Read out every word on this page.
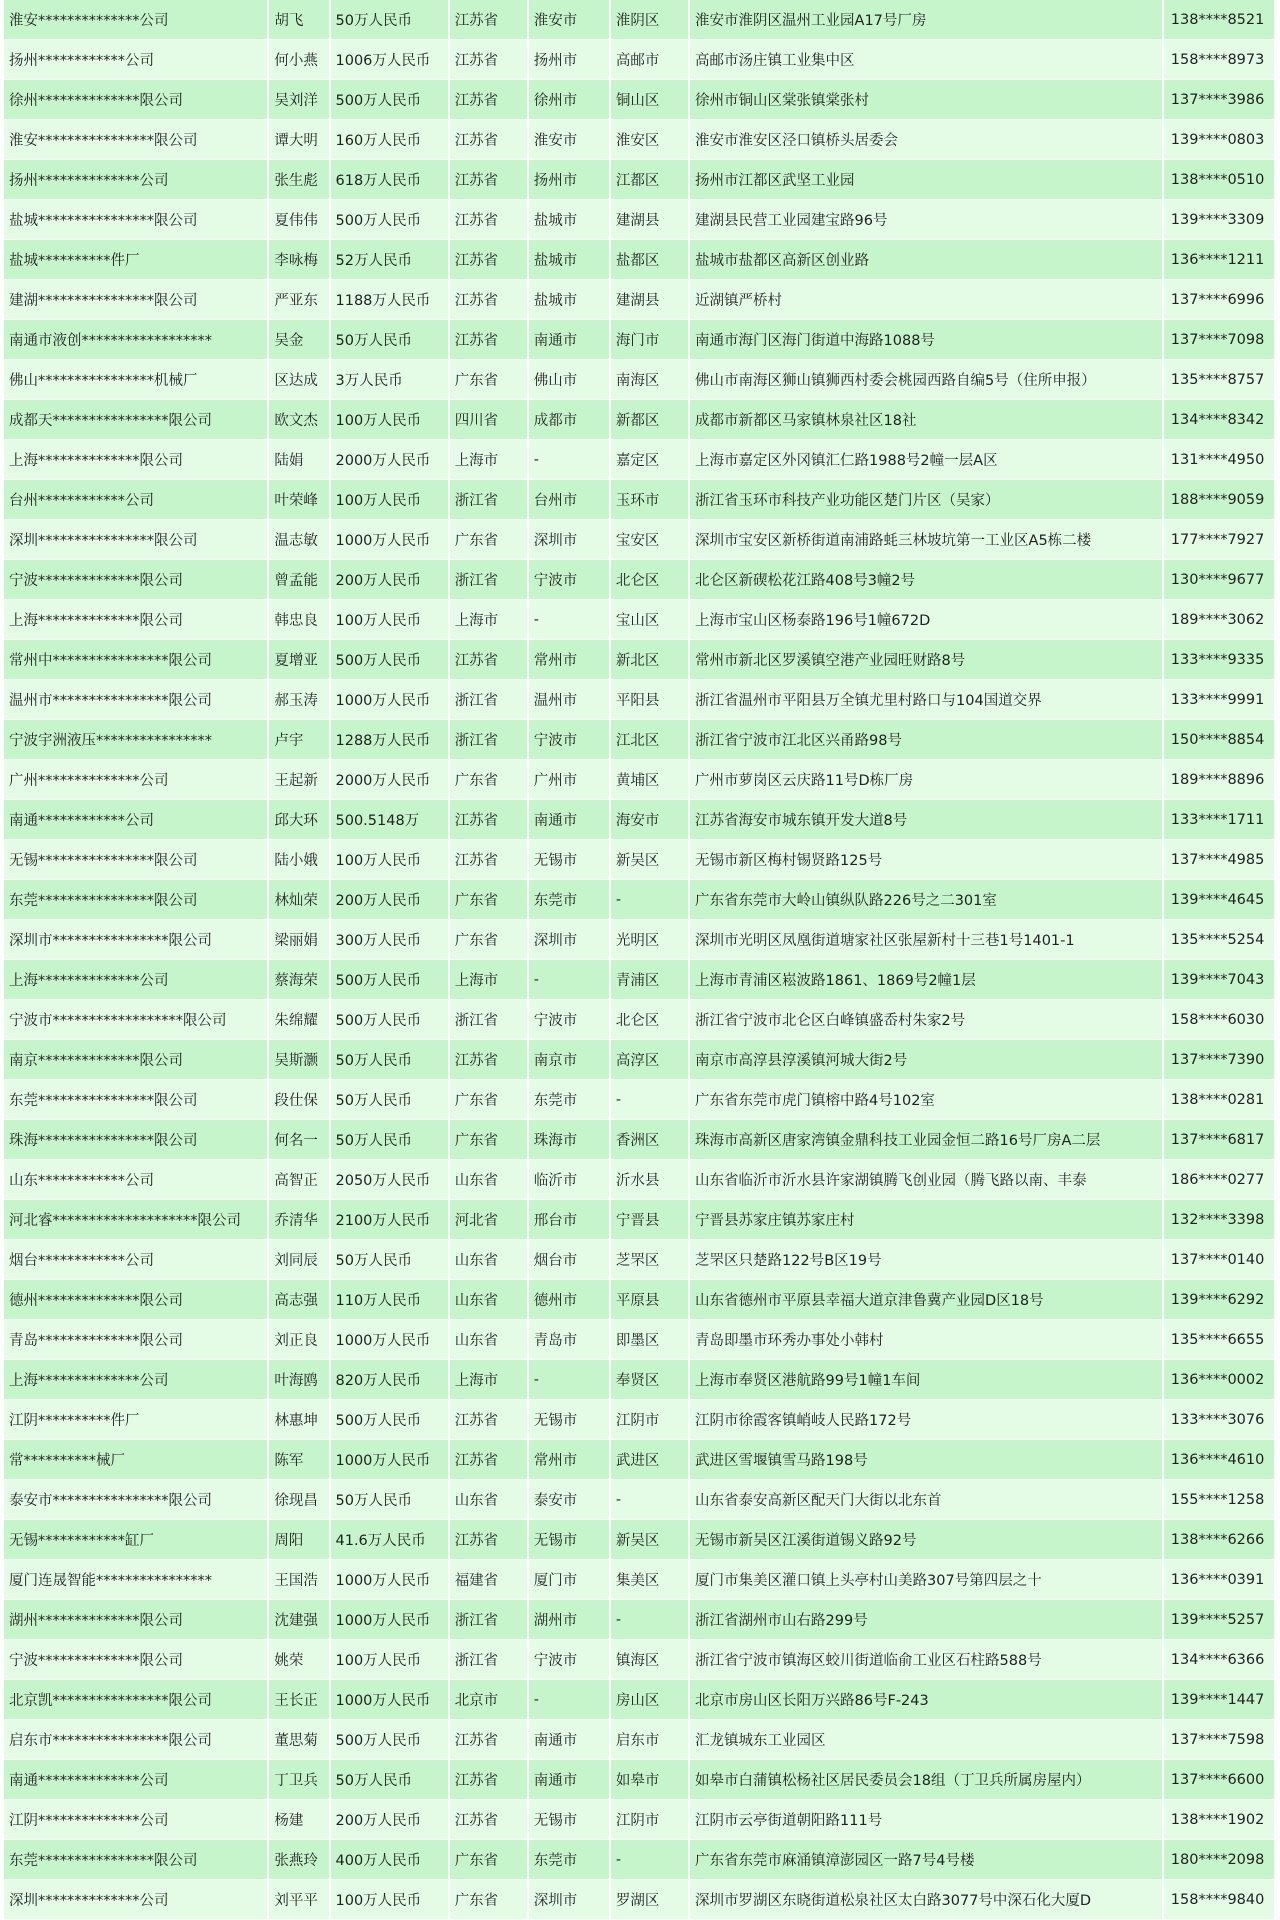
淮安**************公司	胡飞	50万人民币	江苏省	淮安市	淮阴区	淮安市淮阴区温州工业园A17号厂房	138****8521
扬州************公司	何小燕	1006万人民币	江苏省	扬州市	高邮市	高邮市汤庄镇工业集中区	158****8973
徐州**************限公司	吴刘洋	500万人民币	江苏省	徐州市	铜山区	徐州市铜山区棠张镇棠张村	137****3986
淮安****************限公司	谭大明	160万人民币	江苏省	淮安市	淮安区	淮安市淮安区泾口镇桥头居委会	139****0803
扬州**************公司	张生彪	618万人民币	江苏省	扬州市	江都区	扬州市江都区武坚工业园	138****0510
盐城****************限公司	夏伟伟	500万人民币	江苏省	盐城市	建湖县	建湖县民营工业园建宝路96号	139****3309
盐城**********件厂	李咏梅	52万人民币	江苏省	盐城市	盐都区	盐城市盐都区高新区创业路	136****1211
建湖****************限公司	严亚东	1188万人民币	江苏省	盐城市	建湖县	近湖镇严桥村	137****6996
南通市液创******************	吴金	50万人民币	江苏省	南通市	海门市	南通市海门区海门街道中海路1088号	137****7098
佛山****************机械厂	区达成	3万人民币	广东省	佛山市	南海区	佛山市南海区狮山镇狮西村委会桃园西路自编5号（住所申报）	135****8757
成都天****************限公司	欧文杰	100万人民币	四川省	成都市	新都区	成都市新都区马家镇林泉社区18社	134****8342
上海**************限公司	陆娟	2000万人民币	上海市	-	嘉定区	上海市嘉定区外冈镇汇仁路1988号2幢一层A区	131****4950
台州************公司	叶荣峰	100万人民币	浙江省	台州市	玉环市	浙江省玉环市科技产业功能区楚门片区（吴家）	188****9059
深圳****************限公司	温志敏	1000万人民币	广东省	深圳市	宝安区	深圳市宝安区新桥街道南浦路蚝三林坡坑第一工业区A5栋二楼	177****7927
宁波**************限公司	曾孟能	200万人民币	浙江省	宁波市	北仑区	北仑区新碶松花江路408号3幢2号	130****9677
上海**************限公司	韩忠良	100万人民币	上海市	-	宝山区	上海市宝山区杨泰路196号1幢672D	189****3062
常州中****************限公司	夏增亚	500万人民币	江苏省	常州市	新北区	常州市新北区罗溪镇空港产业园旺财路8号	133****9335
温州市****************限公司	郝玉涛	1000万人民币	浙江省	温州市	平阳县	浙江省温州市平阳县万全镇尤里村路口与104国道交界	133****9991
宁波宇洲液压****************	卢宇	1288万人民币	浙江省	宁波市	江北区	浙江省宁波市江北区兴甬路98号	150****8854
广州**************公司	王起新	2000万人民币	广东省	广州市	黄埔区	广州市萝岗区云庆路11号D栋厂房	189****8896
南通************公司	邱大环	500.5148万	江苏省	南通市	海安市	江苏省海安市城东镇开发大道8号	133****1711
无锡****************限公司	陆小娥	100万人民币	江苏省	无锡市	新吴区	无锡市新区梅村锡贤路125号	137****4985
东莞****************限公司	林灿荣	200万人民币	广东省	东莞市	-	广东省东莞市大岭山镇纵队路226号之二301室	139****4645
深圳市****************限公司	梁丽娟	300万人民币	广东省	深圳市	光明区	深圳市光明区凤凰街道塘家社区张屋新村十三巷1号1401-1	135****5254
上海**************公司	蔡海荣	500万人民币	上海市	-	青浦区	上海市青浦区崧波路1861、1869号2幢1层	139****7043
宁波市******************限公司	朱绵耀	500万人民币	浙江省	宁波市	北仑区	浙江省宁波市北仑区白峰镇盛岙村朱家2号	158****6030
南京**************限公司	吴斯灏	50万人民币	江苏省	南京市	高淳区	南京市高淳县淳溪镇河城大街2号	137****7390
东莞****************限公司	段仕保	50万人民币	广东省	东莞市	-	广东省东莞市虎门镇榕中路4号102室	138****0281
珠海****************限公司	何名一	50万人民币	广东省	珠海市	香洲区	珠海市高新区唐家湾镇金鼎科技工业园金恒二路16号厂房A二层	137****6817
山东************公司	高智正	2050万人民币	山东省	临沂市	沂水县	山东省临沂市沂水县许家湖镇腾飞创业园（腾飞路以南、丰泰	186****0277
河北睿********************限公司	乔清华	2100万人民币	河北省	邢台市	宁晋县	宁晋县苏家庄镇苏家庄村	132****3398
烟台************公司	刘同辰	50万人民币	山东省	烟台市	芝罘区	芝罘区只楚路122号B区19号	137****0140
德州**************限公司	高志强	110万人民币	山东省	德州市	平原县	山东省德州市平原县幸福大道京津鲁冀产业园D区18号	139****6292
青岛**************限公司	刘正良	1000万人民币	山东省	青岛市	即墨区	青岛即墨市环秀办事处小韩村	135****6655
上海**************公司	叶海鸥	820万人民币	上海市	-	奉贤区	上海市奉贤区港航路99号1幢1车间	136****0002
江阴**********件厂	林惠坤	500万人民币	江苏省	无锡市	江阴市	江阴市徐霞客镇峭岐人民路172号	133****3076
常**********械厂	陈军	1000万人民币	江苏省	常州市	武进区	武进区雪堰镇雪马路198号	136****4610
泰安市****************限公司	徐现昌	50万人民币	山东省	泰安市	-	山东省泰安高新区配天门大街以北东首	155****1258
无锡************缸厂	周阳	41.6万人民币	江苏省	无锡市	新吴区	无锡市新吴区江溪街道锡义路92号	138****6266
厦门连晟智能****************	王国浩	1000万人民币	福建省	厦门市	集美区	厦门市集美区灌口镇上头亭村山美路307号第四层之十	136****0391
湖州**************限公司	沈建强	1000万人民币	浙江省	湖州市	-	浙江省湖州市山右路299号	139****5257
宁波**************限公司	姚荣	100万人民币	浙江省	宁波市	镇海区	浙江省宁波市镇海区蛟川街道临俞工业区石柱路588号	134****6366
北京凯****************限公司	王长正	1000万人民币	北京市	-	房山区	北京市房山区长阳万兴路86号F-243	139****1447
启东市****************限公司	董思菊	500万人民币	江苏省	南通市	启东市	汇龙镇城东工业园区	137****7598
南通**************公司	丁卫兵	50万人民币	江苏省	南通市	如皋市	如皋市白蒲镇松杨社区居民委员会18组（丁卫兵所属房屋内）	137****6600
江阴**************公司	杨建	200万人民币	江苏省	无锡市	江阴市	江阴市云亭街道朝阳路111号	138****1902
东莞****************限公司	张燕玲	400万人民币	广东省	东莞市	-	广东省东莞市麻涌镇漳澎园区一路7号4号楼	180****2098
深圳**************公司	刘平平	100万人民币	广东省	深圳市	罗湖区	深圳市罗湖区东晓街道松泉社区太白路3077号中深石化大厦D	158****9840
